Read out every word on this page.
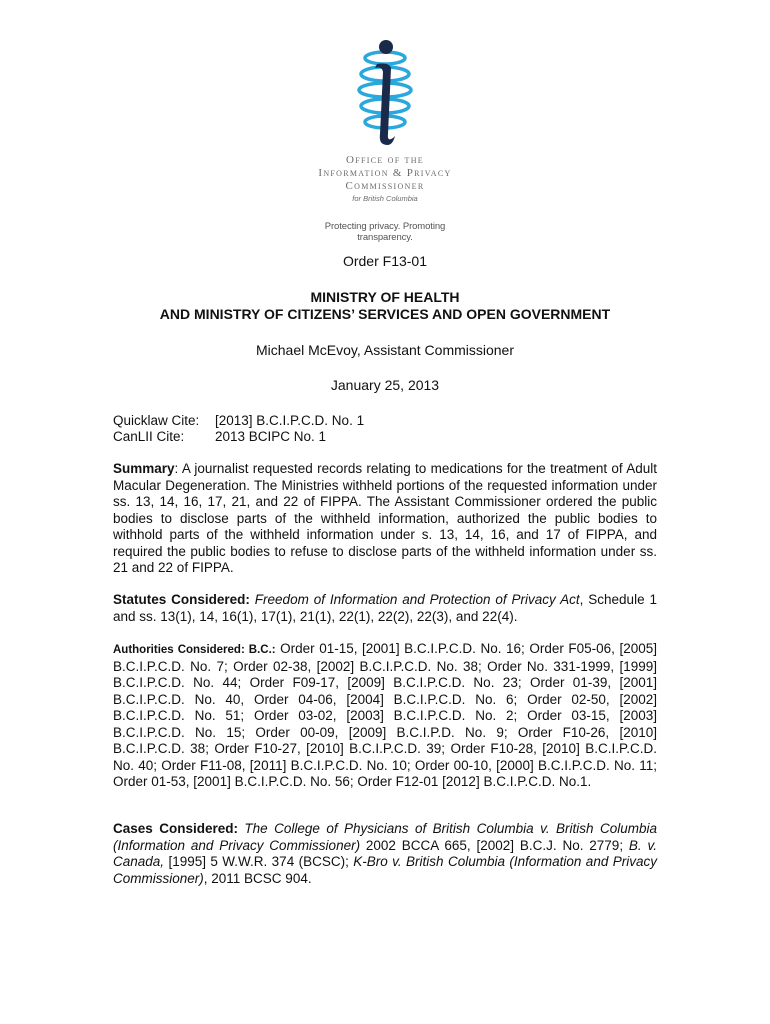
Office of the
Information & Privacy
Commissioner
for British Columbia
Protecting privacy. Promoting transparency.
Order F13-01
MINISTRY OF HEALTH
AND MINISTRY OF CITIZENS’ SERVICES AND OPEN GOVERNMENT
Michael McEvoy, Assistant Commissioner
January 25, 2013
Quicklaw Cite: [2013] B.C.I.P.C.D. No. 1
CanLII Cite: 2013 BCIPC No. 1
Summary: A journalist requested records relating to medications for the treatment of Adult Macular Degeneration. The Ministries withheld portions of the requested information under ss. 13, 14, 16, 17, 21, and 22 of FIPPA. The Assistant Commissioner ordered the public bodies to disclose parts of the withheld information, authorized the public bodies to withhold parts of the withheld information under s. 13, 14, 16, and 17 of FIPPA, and required the public bodies to refuse to disclose parts of the withheld information under ss. 21 and 22 of FIPPA.
Statutes Considered: Freedom of Information and Protection of Privacy Act, Schedule 1 and ss. 13(1), 14, 16(1), 17(1), 21(1), 22(1), 22(2), 22(3), and 22(4).
Authorities Considered: B.C.: Order 01-15, [2001] B.C.I.P.C.D. No. 16; Order F05-06, [2005] B.C.I.P.C.D. No. 7; Order 02-38, [2002] B.C.I.P.C.D. No. 38; Order No. 331-1999, [1999] B.C.I.P.C.D. No. 44; Order F09-17, [2009] B.C.I.P.C.D. No. 23; Order 01-39, [2001] B.C.I.P.C.D. No. 40, Order 04-06, [2004] B.C.I.P.C.D. No. 6; Order 02-50, [2002] B.C.I.P.C.D. No. 51; Order 03-02, [2003] B.C.I.P.C.D. No. 2; Order 03-15, [2003] B.C.I.P.C.D. No. 15; Order 00-09, [2009] B.C.I.P.D. No. 9; Order F10-26, [2010] B.C.I.P.C.D. 38; Order F10-27, [2010] B.C.I.P.C.D. 39; Order F10-28, [2010] B.C.I.P.C.D. No. 40; Order F11-08, [2011] B.C.I.P.C.D. No. 10; Order 00-10, [2000] B.C.I.P.C.D. No. 11; Order 01-53, [2001] B.C.I.P.C.D. No. 56; Order F12-01 [2012] B.C.I.P.C.D. No.1.
Cases Considered: The College of Physicians of British Columbia v. British Columbia (Information and Privacy Commissioner) 2002 BCCA 665, [2002] B.C.J. No. 2779; B. v. Canada, [1995] 5 W.W.R. 374 (BCSC); K-Bro v. British Columbia (Information and Privacy Commissioner), 2011 BCSC 904.
